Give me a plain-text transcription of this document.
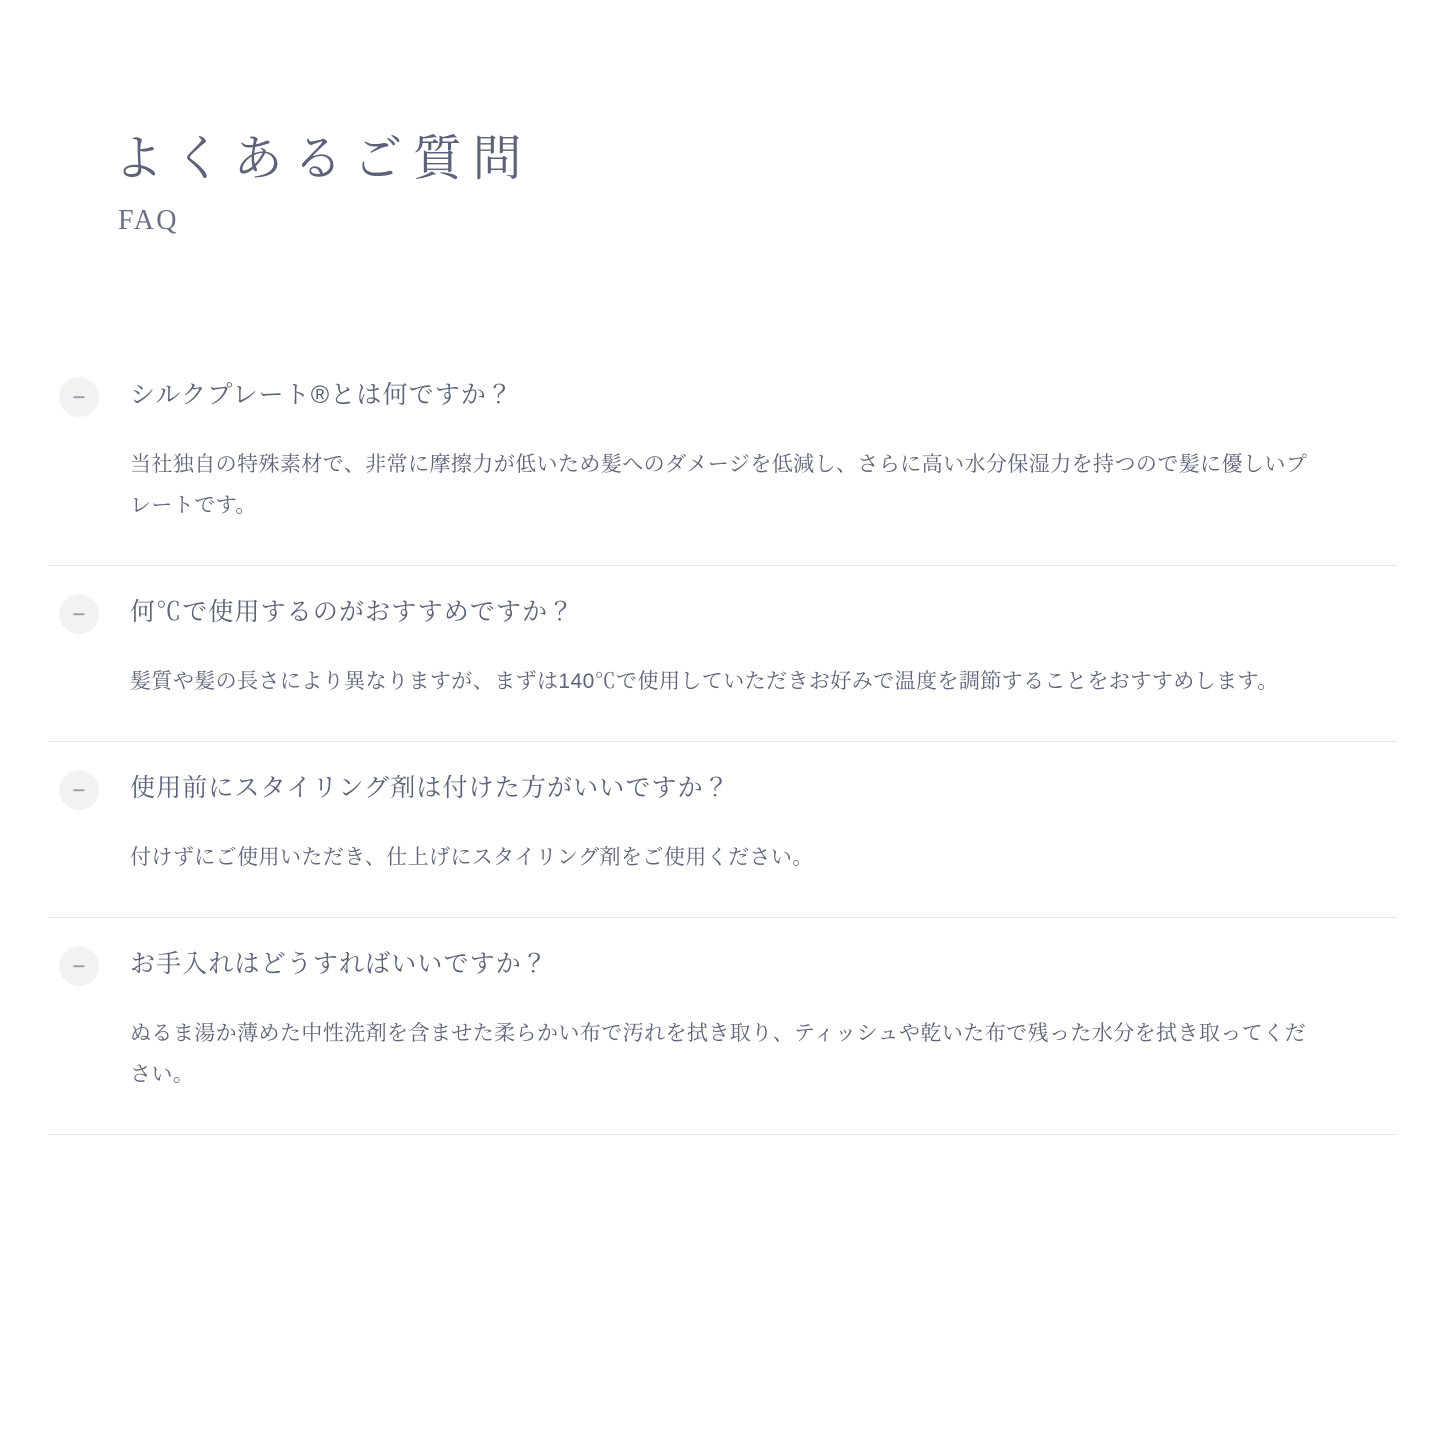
よくあるご質問
FAQ
シルクプレート®とは何ですか？
当社独自の特殊素材で、非常に摩擦力が低いため髪へのダメージを低減し、さらに高い水分保湿力を持つので髪に優しいプレートです。
何℃で使用するのがおすすめですか？
髪質や髪の長さにより異なりますが、まずは140℃で使用していただきお好みで温度を調節することをおすすめします。
使用前にスタイリング剤は付けた方がいいですか？
付けずにご使用いただき、仕上げにスタイリング剤をご使用ください。
お手入れはどうすればいいですか？
ぬるま湯か薄めた中性洗剤を含ませた柔らかい布で汚れを拭き取り、ティッシュや乾いた布で残った水分を拭き取ってください。
